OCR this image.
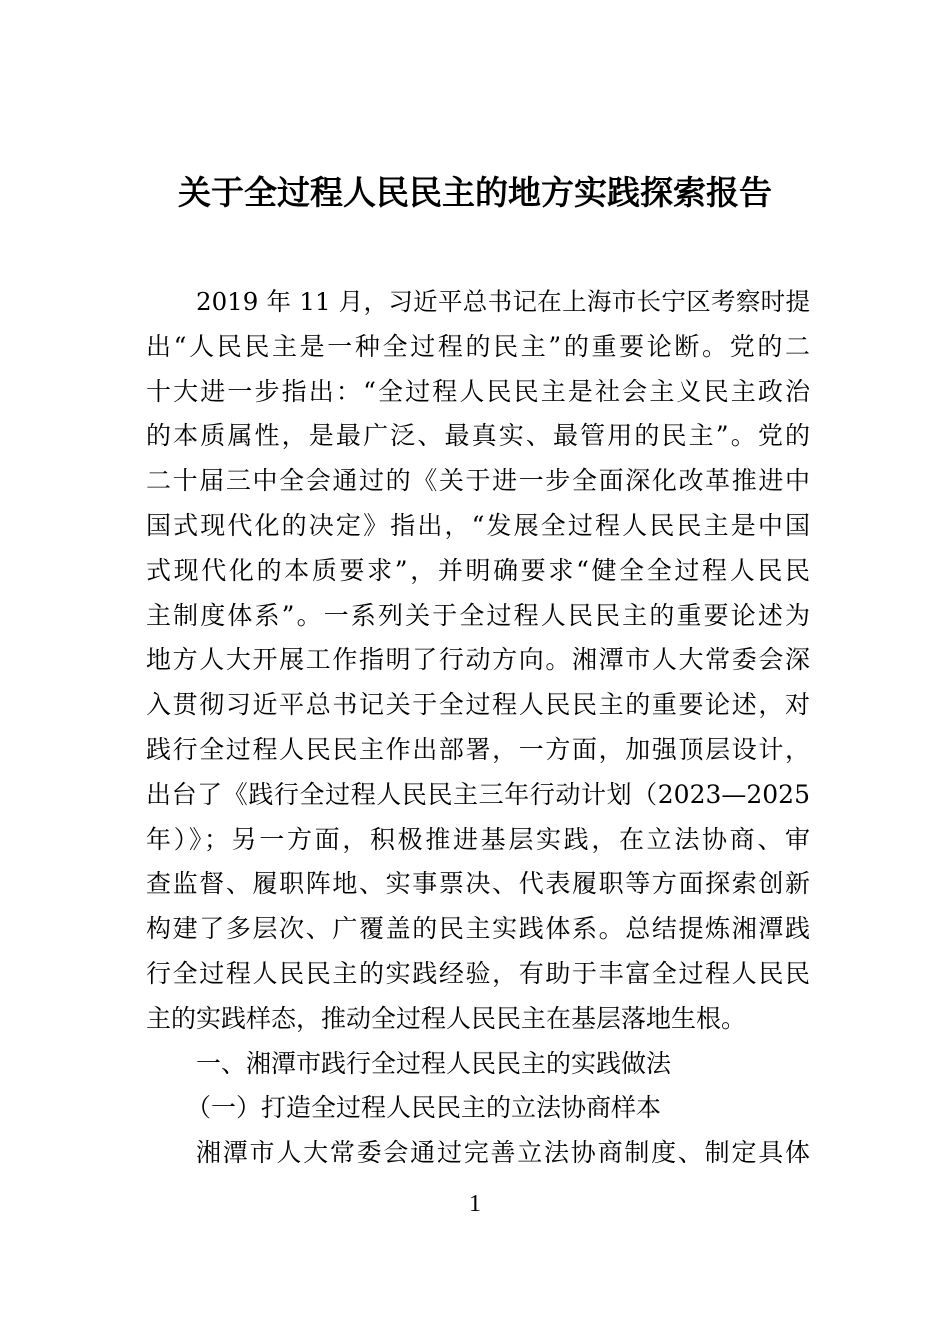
关于全过程人民民主的地方实践探索报告
2019 年 11 月，习近平总书记在上海市长宁区考察时提
出“人民民主是一种全过程的民主”的重要论断。党的二
十大进一步指出：“全过程人民民主是社会主义民主政治
的本质属性，是最广泛、最真实、最管用的民主”。党的
二十届三中全会通过的《关于进一步全面深化改革推进中
国式现代化的决定》指出，“发展全过程人民民主是中国
式现代化的本质要求”，并明确要求“健全全过程人民民
主制度体系”。一系列关于全过程人民民主的重要论述为
地方人大开展工作指明了行动方向。湘潭市人大常委会深
入贯彻习近平总书记关于全过程人民民主的重要论述，对
践行全过程人民民主作出部署，一方面，加强顶层设计，
出台了《践行全过程人民民主三年行动计划（2023—2025
年）》；另一方面，积极推进基层实践，在立法协商、审
查监督、履职阵地、实事票决、代表履职等方面探索创新
构建了多层次、广覆盖的民主实践体系。总结提炼湘潭践
行全过程人民民主的实践经验，有助于丰富全过程人民民
主的实践样态，推动全过程人民民主在基层落地生根。
一、湘潭市践行全过程人民民主的实践做法
（一）打造全过程人民民主的立法协商样本
湘潭市人大常委会通过完善立法协商制度、制定具体
1
